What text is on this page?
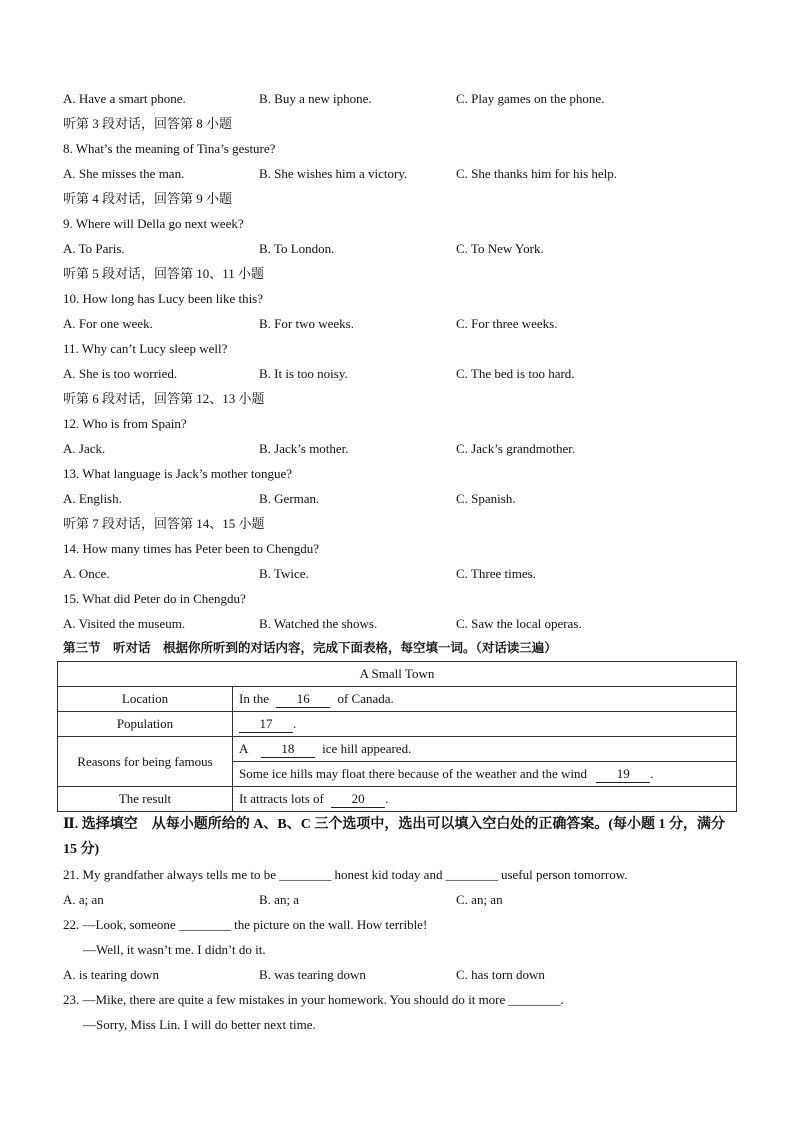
A. Have a smart phone.	B. Buy a new iphone.	C. Play games on the phone.
听第 3 段对话，回答第 8 小题
8. What’s the meaning of Tina’s gesture?
A. She misses the man.	B. She wishes him a victory.	C. She thanks him for his help.
听第 4 段对话，回答第 9 小题
9. Where will Della go next week?
A. To Paris.	B. To London.	C. To New York.
听第 5 段对话，回答第 10、11 小题
10. How long has Lucy been like this?
A. For one week.	B. For two weeks.	C. For three weeks.
11. Why can’t Lucy sleep well?
A. She is too worried.	B. It is too noisy.	C. The bed is too hard.
听第 6 段对话，回答第 12、13 小题
12. Who is from Spain?
A. Jack.	B. Jack’s mother.	C. Jack’s grandmother.
13. What language is Jack’s mother tongue?
A. English.	B. German.	C. Spanish.
听第 7 段对话，回答第 14、15 小题
14. How many times has Peter been to Chengdu?
A. Once.	B. Twice.	C. Three times.
15. What did Peter do in Chengdu?
A. Visited the museum.	B. Watched the shows.	C. Saw the local operas.
第三节　听对话　根据你所听到的对话内容，完成下面表格，每空填一词。（对话读三遍）
A Small Town	
Location	In the 16 of Canada.
Population	17 .
Reasons for being famous	A 18 ice hill appeared.
	Some ice hills may float there because of the weather and the wind 19 .
The result	It attracts lots of 20 .
Ⅱ. 选择填空　从每小题所给的 A、B、C 三个选项中，选出可以填入空白处的正确答案。(每小题 1 分，满分 15 分)
21. My grandfather always tells me to be ________ honest kid today and ________ useful person tomorrow.
A. a; an	B. an; a	C. an; an
22. —Look, someone ________ the picture on the wall. How terrible!
—Well, it wasn’t me. I didn’t do it.
A. is tearing down	B. was tearing down	C. has torn down
23. —Mike, there are quite a few mistakes in your homework. You should do it more ________.
—Sorry, Miss Lin. I will do better next time.
